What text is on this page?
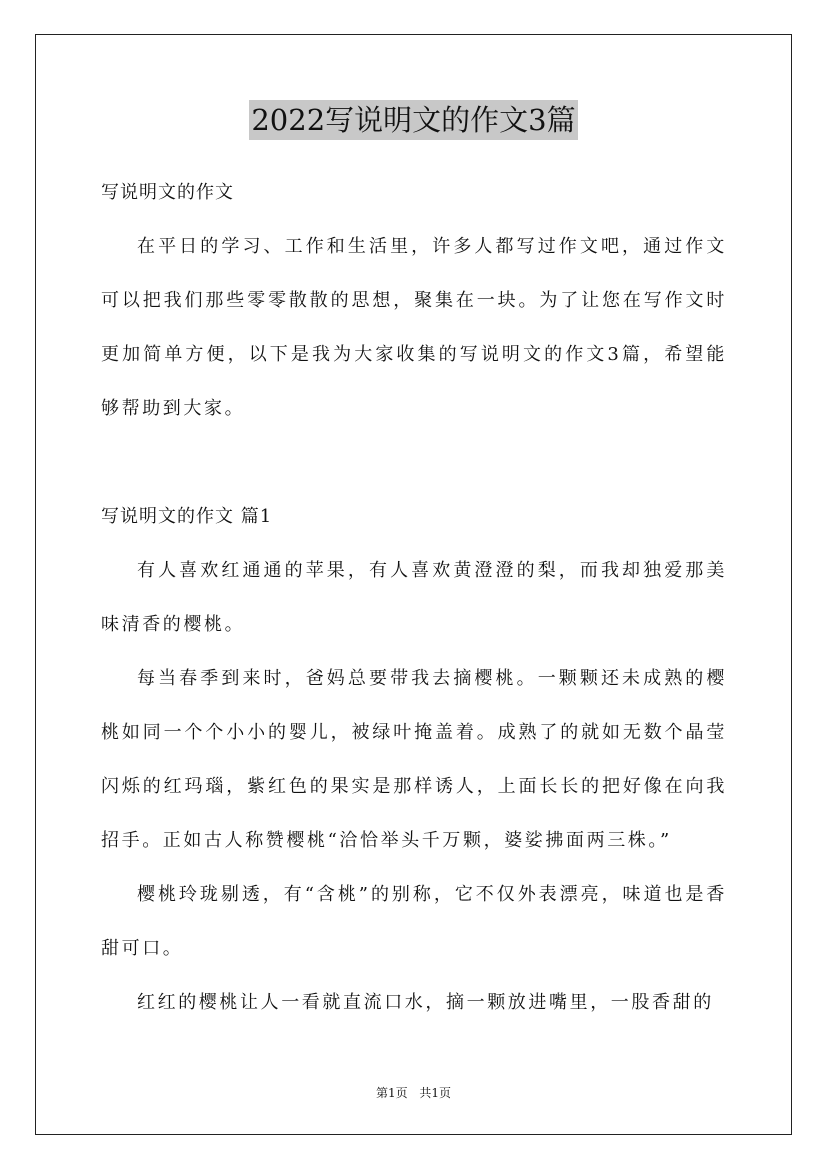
2022写说明文的作文3篇

写说明文的作文

在平日的学习、工作和生活里，许多人都写过作文吧，通过作文可以把我们那些零零散散的思想，聚集在一块。为了让您在写作文时更加简单方便，以下是我为大家收集的写说明文的作文3篇，希望能够帮助到大家。

写说明文的作文 篇1

有人喜欢红通通的苹果，有人喜欢黄澄澄的梨，而我却独爱那美味清香的樱桃。

每当春季到来时，爸妈总要带我去摘樱桃。一颗颗还未成熟的樱桃如同一个个小小的婴儿，被绿叶掩盖着。成熟了的就如无数个晶莹闪烁的红玛瑙，紫红色的果实是那样诱人，上面长长的把好像在向我招手。正如古人称赞樱桃“洽恰举头千万颗，婆娑拂面两三株。”

樱桃玲珑剔透，有“含桃”的别称，它不仅外表漂亮，味道也是香甜可口。

红红的樱桃让人一看就直流口水，摘一颗放进嘴里，一股香甜的

第1页 共1页
